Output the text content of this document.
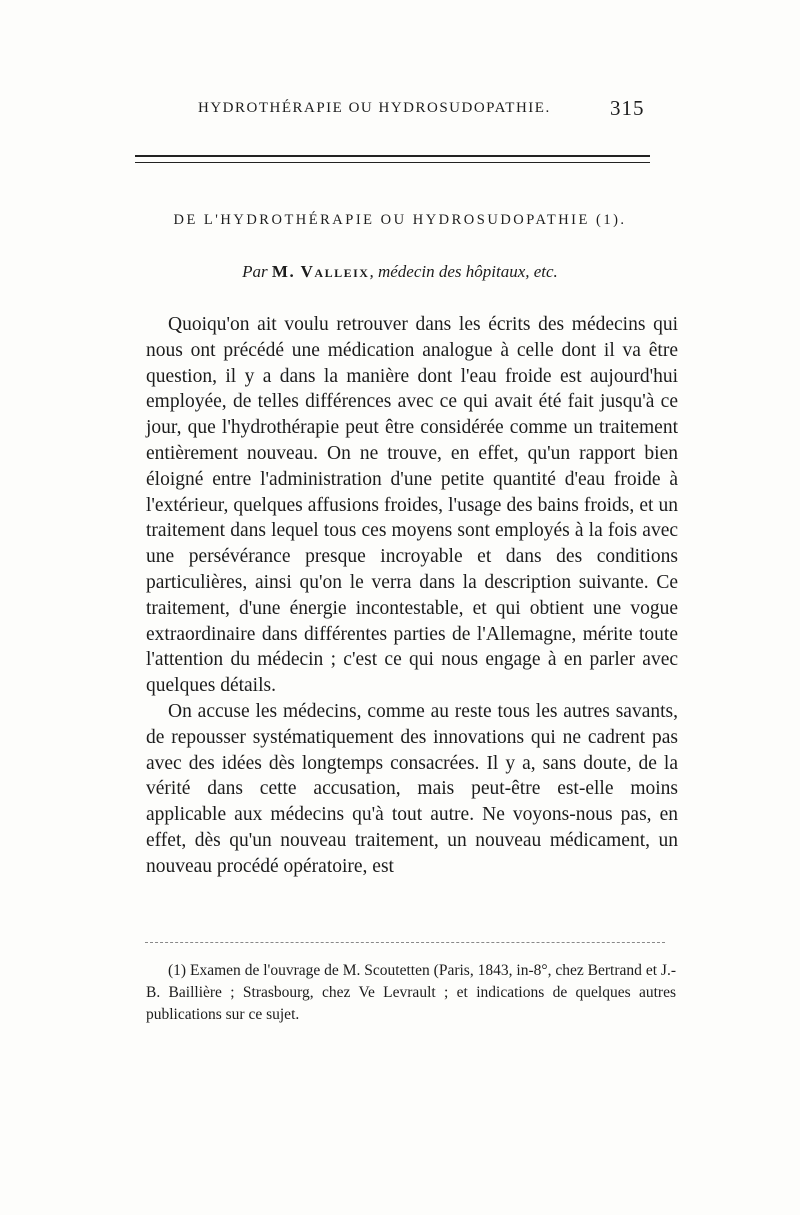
HYDROTHÉRAPIE OU HYDROSUDOPATHIE.	315
DE L'HYDROTHÉRAPIE OU HYDROSUDOPATHIE (1).
Par M. Valleix, médecin des hôpitaux, etc.

Quoiqu'on ait voulu retrouver dans les écrits des médecins qui nous ont précédé une médication analogue à celle dont il va être question, il y a dans la manière dont l'eau froide est aujourd'hui employée, de telles différences avec ce qui avait été fait jusqu'à ce jour, que l'hydrothérapie peut être considérée comme un traitement entièrement nouveau. On ne trouve, en effet, qu'un rapport bien éloigné entre l'administration d'une petite quantité d'eau froide à l'extérieur, quelques affusions froides, l'usage des bains froids, et un traitement dans lequel tous ces moyens sont employés à la fois avec une persévérance presque incroyable et dans des conditions particulières, ainsi qu'on le verra dans la description suivante. Ce traitement, d'une énergie incontestable, et qui obtient une vogue extraordinaire dans différentes parties de l'Allemagne, mérite toute l'attention du médecin ; c'est ce qui nous engage à en parler avec quelques détails.

On accuse les médecins, comme au reste tous les autres savants, de repousser systématiquement des innovations qui ne cadrent pas avec des idées dès longtemps consacrées. Il y a, sans doute, de la vérité dans cette accusation, mais peut-être est-elle moins applicable aux médecins qu'à tout autre. Ne voyons-nous pas, en effet, dès qu'un nouveau traitement, un nouveau médicament, un nouveau procédé opératoire, est

(1) Examen de l'ouvrage de M. Scoutetten (Paris, 1843, in-8°, chez Bertrand et J.-B. Baillière ; Strasbourg, chez Ve Levrault ; et indications de quelques autres publications sur ce sujet.
